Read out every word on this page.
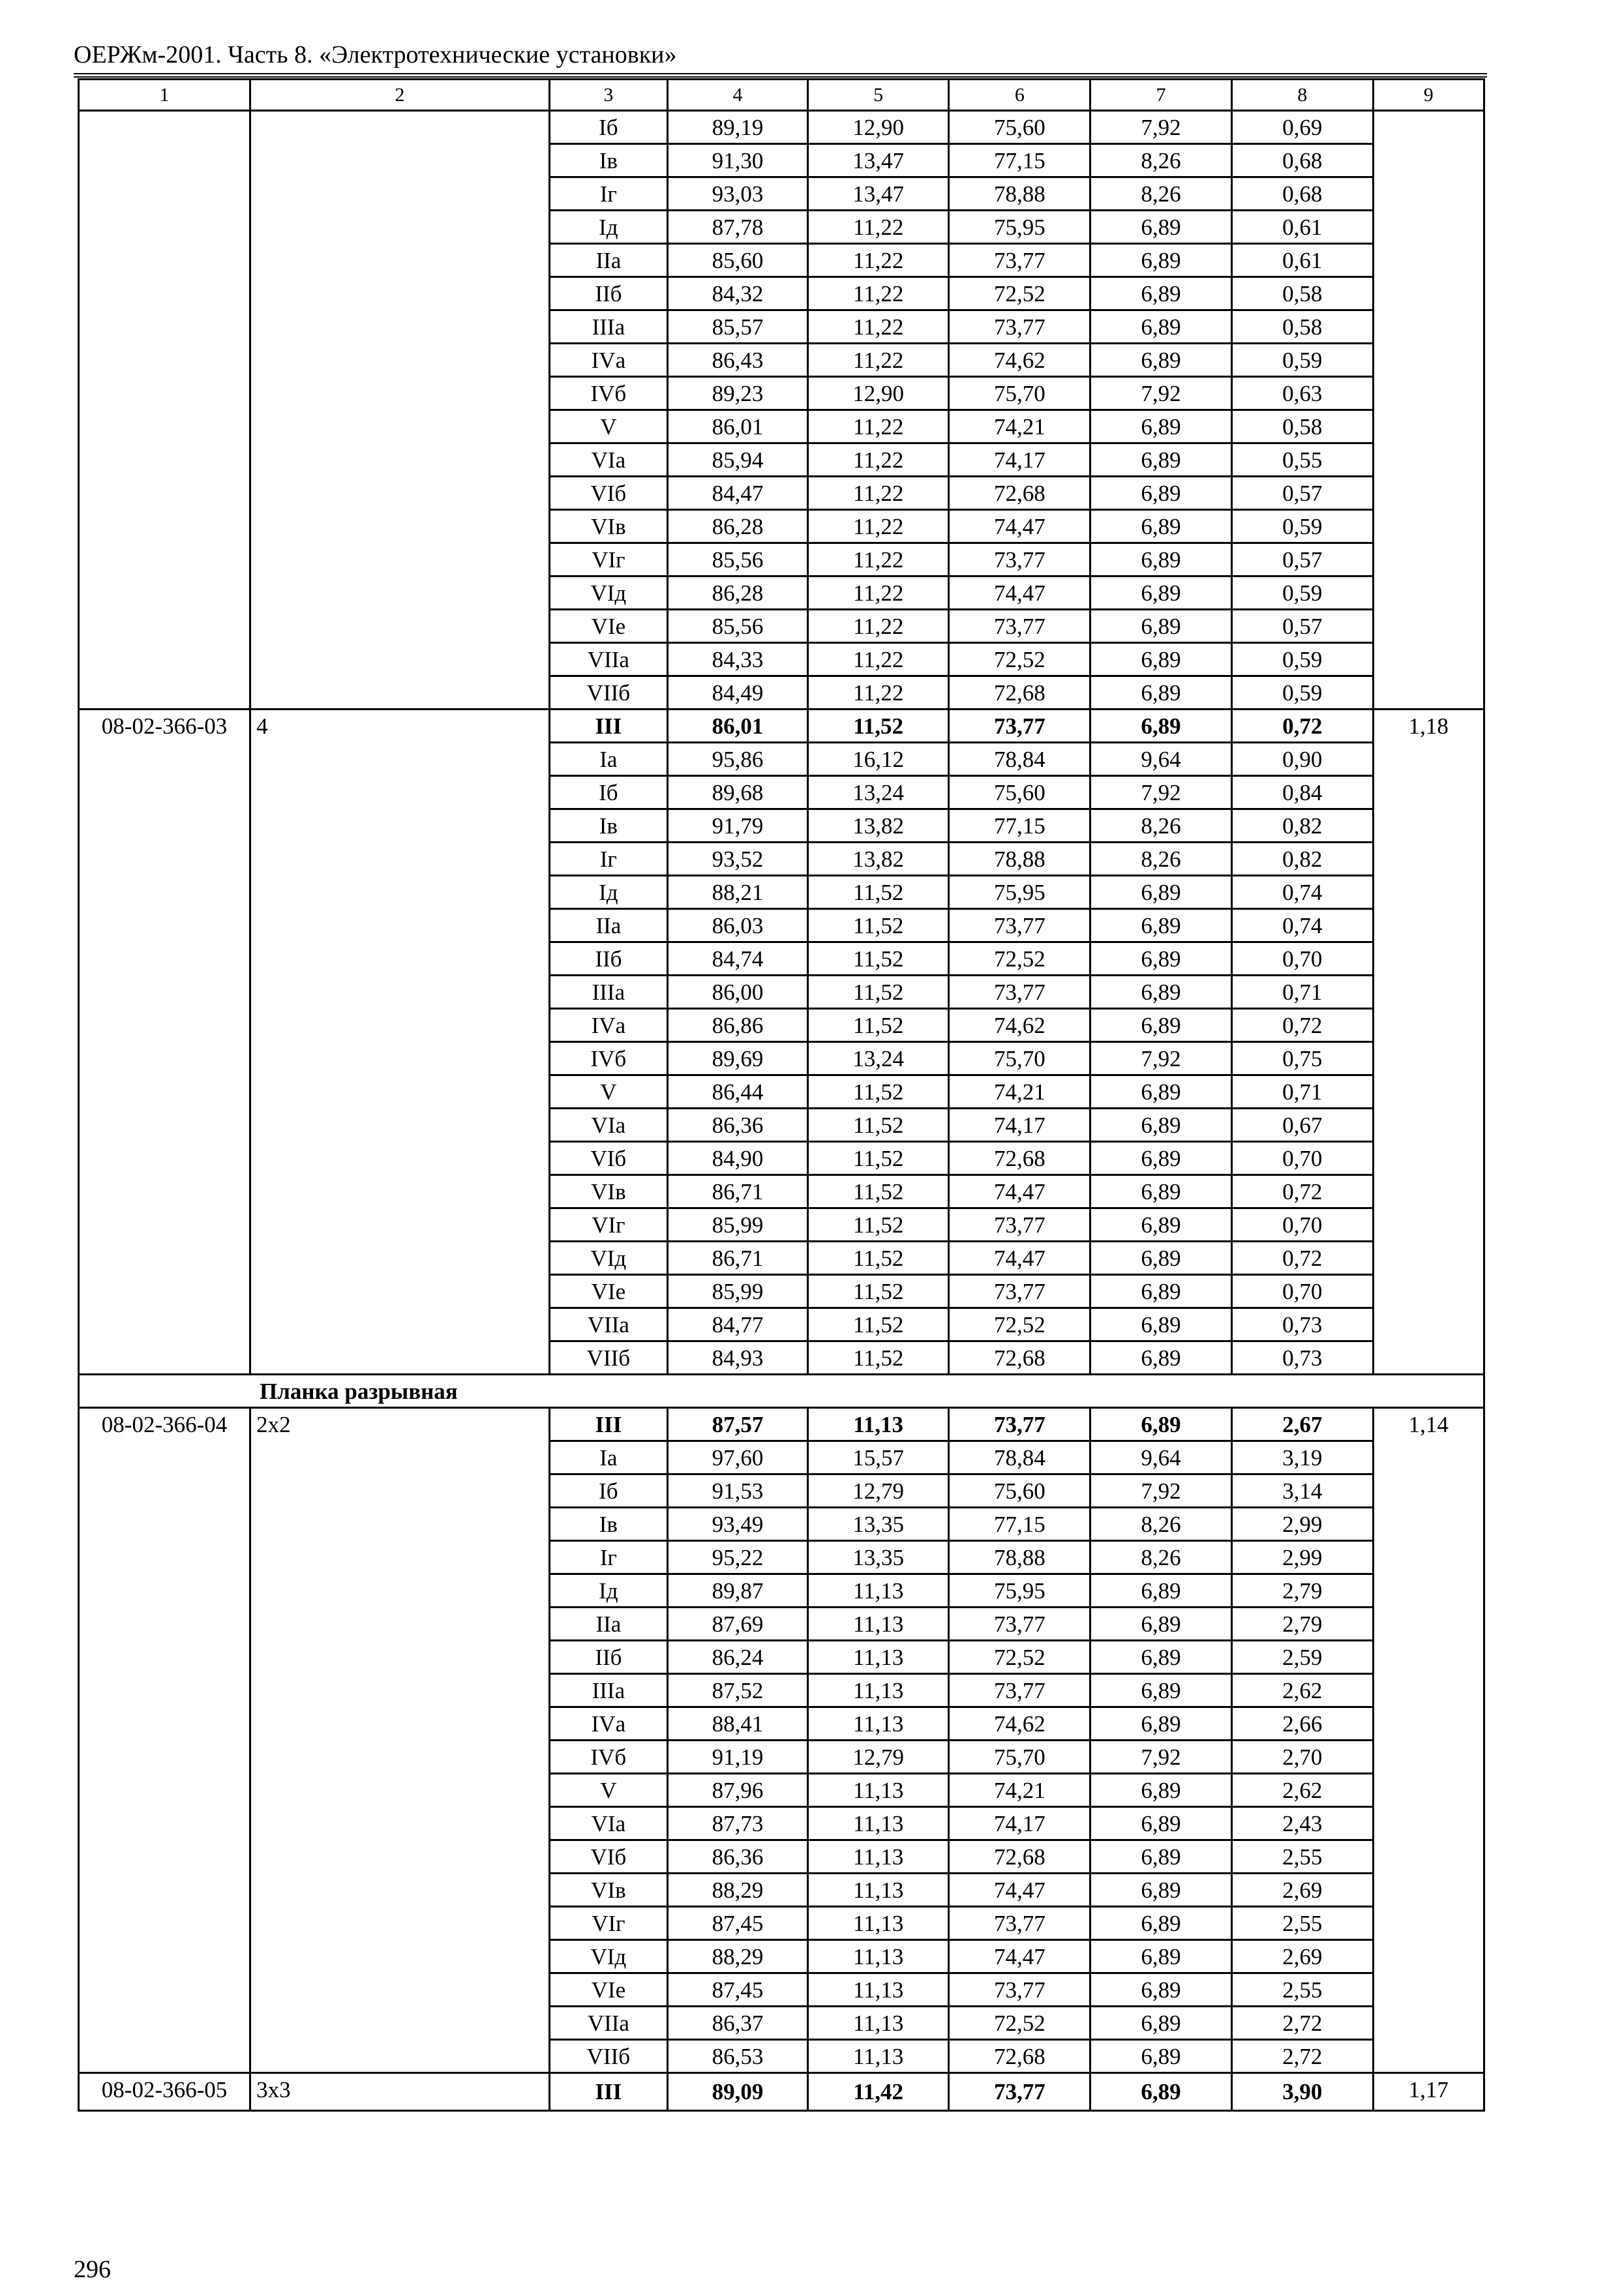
ОЕРЖм-2001. Часть 8. «Электротехнические установки»
1	2	3	4	5	6	7	8	9
		Iб	89,19	12,90	75,60	7,92	0,69	
		Iв	91,30	13,47	77,15	8,26	0,68	
		Iг	93,03	13,47	78,88	8,26	0,68	
		Iд	87,78	11,22	75,95	6,89	0,61	
		IIа	85,60	11,22	73,77	6,89	0,61	
		IIб	84,32	11,22	72,52	6,89	0,58	
		IIIа	85,57	11,22	73,77	6,89	0,58	
		IVа	86,43	11,22	74,62	6,89	0,59	
		IVб	89,23	12,90	75,70	7,92	0,63	
		V	86,01	11,22	74,21	6,89	0,58	
		VIа	85,94	11,22	74,17	6,89	0,55	
		VIб	84,47	11,22	72,68	6,89	0,57	
		VIв	86,28	11,22	74,47	6,89	0,59	
		VIг	85,56	11,22	73,77	6,89	0,57	
		VIд	86,28	11,22	74,47	6,89	0,59	
		VIе	85,56	11,22	73,77	6,89	0,57	
		VIIа	84,33	11,22	72,52	6,89	0,59	
		VIIб	84,49	11,22	72,68	6,89	0,59	
08-02-366-03	4	III	86,01	11,52	73,77	6,89	0,72	1,18
		Iа	95,86	16,12	78,84	9,64	0,90	
		Iб	89,68	13,24	75,60	7,92	0,84	
		Iв	91,79	13,82	77,15	8,26	0,82	
		Iг	93,52	13,82	78,88	8,26	0,82	
		Iд	88,21	11,52	75,95	6,89	0,74	
		IIа	86,03	11,52	73,77	6,89	0,74	
		IIб	84,74	11,52	72,52	6,89	0,70	
		IIIа	86,00	11,52	73,77	6,89	0,71	
		IVа	86,86	11,52	74,62	6,89	0,72	
		IVб	89,69	13,24	75,70	7,92	0,75	
		V	86,44	11,52	74,21	6,89	0,71	
		VIа	86,36	11,52	74,17	6,89	0,67	
		VIб	84,90	11,52	72,68	6,89	0,70	
		VIв	86,71	11,52	74,47	6,89	0,72	
		VIг	85,99	11,52	73,77	6,89	0,70	
		VIд	86,71	11,52	74,47	6,89	0,72	
		VIе	85,99	11,52	73,77	6,89	0,70	
		VIIа	84,77	11,52	72,52	6,89	0,73	
		VIIб	84,93	11,52	72,68	6,89	0,73	
Планка разрывная								
08-02-366-04	2х2	III	87,57	11,13	73,77	6,89	2,67	1,14
		Iа	97,60	15,57	78,84	9,64	3,19	
		Iб	91,53	12,79	75,60	7,92	3,14	
		Iв	93,49	13,35	77,15	8,26	2,99	
		Iг	95,22	13,35	78,88	8,26	2,99	
		Iд	89,87	11,13	75,95	6,89	2,79	
		IIа	87,69	11,13	73,77	6,89	2,79	
		IIб	86,24	11,13	72,52	6,89	2,59	
		IIIа	87,52	11,13	73,77	6,89	2,62	
		IVа	88,41	11,13	74,62	6,89	2,66	
		IVб	91,19	12,79	75,70	7,92	2,70	
		V	87,96	11,13	74,21	6,89	2,62	
		VIа	87,73	11,13	74,17	6,89	2,43	
		VIб	86,36	11,13	72,68	6,89	2,55	
		VIв	88,29	11,13	74,47	6,89	2,69	
		VIг	87,45	11,13	73,77	6,89	2,55	
		VIд	88,29	11,13	74,47	6,89	2,69	
		VIе	87,45	11,13	73,77	6,89	2,55	
		VIIа	86,37	11,13	72,52	6,89	2,72	
		VIIб	86,53	11,13	72,68	6,89	2,72	
08-02-366-05	3х3	III	89,09	11,42	73,77	6,89	3,90	1,17
296
